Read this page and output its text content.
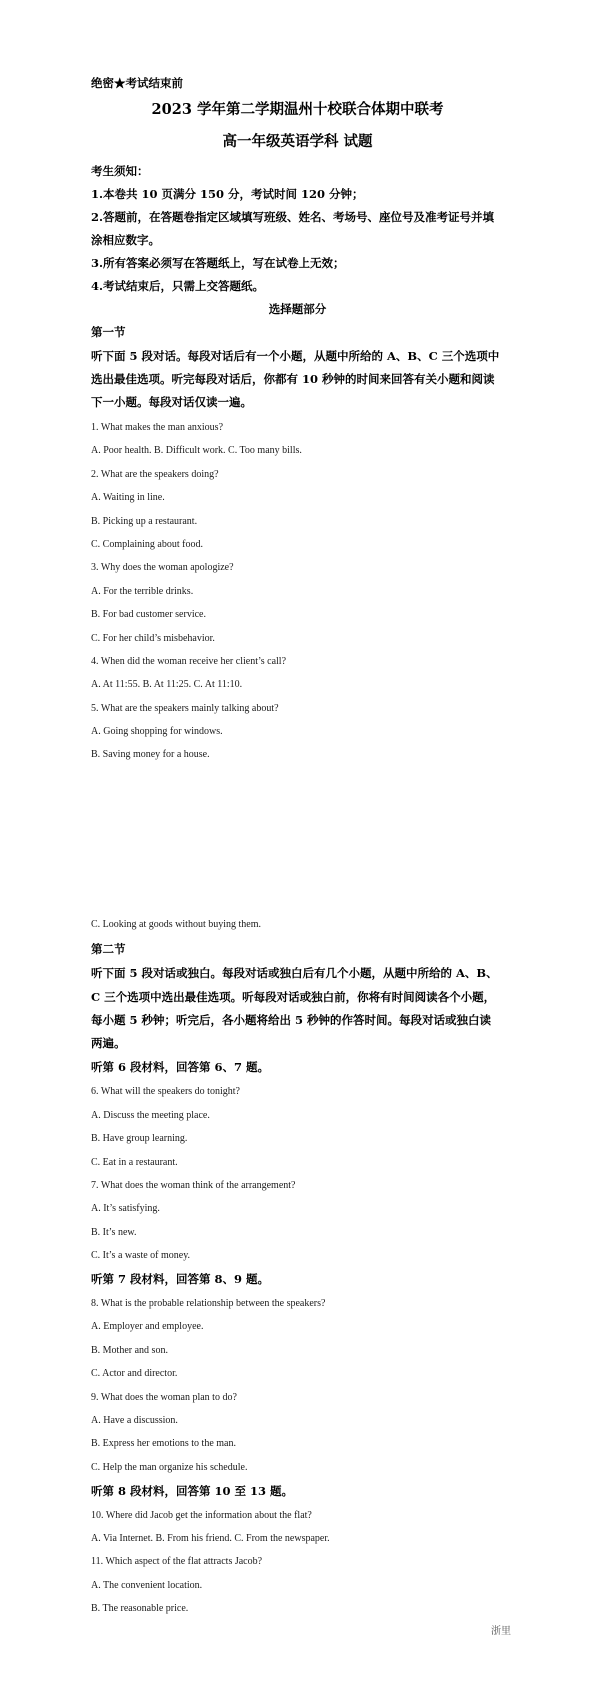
绝密★考试结束前
2023 学年第二学期温州十校联合体期中联考
高一年级英语学科 试题
考生须知：
1.本卷共 10 页满分 150 分，考试时间 120 分钟；
2.答题前，在答题卷指定区域填写班级、姓名、考场号、座位号及准考证号并填
涂相应数字。
3.所有答案必须写在答题纸上，写在试卷上无效；
4.考试结束后，只需上交答题纸。
选择题部分
第一节
听下面 5 段对话。每段对话后有一个小题，从题中所给的 A、B、C 三个选项中
选出最佳选项。听完每段对话后，你都有 10 秒钟的时间来回答有关小题和阅读
下一小题。每段对话仅读一遍。
1. What makes the man anxious?
A. Poor health. B. Difficult work. C. Too many bills.
2. What are the speakers doing?
A. Waiting in line.
B. Picking up a restaurant.
C. Complaining about food.
3. Why does the woman apologize?
A. For the terrible drinks.
B. For bad customer service.
C. For her child’s misbehavior.
4. When did the woman receive her client’s call?
A. At 11:55. B. At 11:25. C. At 11:10.
5. What are the speakers mainly talking about?
A. Going shopping for windows.
B. Saving money for a house.
C. Looking at goods without buying them.
第二节
听下面 5 段对话或独白。每段对话或独白后有几个小题，从题中所给的 A、B、
C 三个选项中选出最佳选项。听每段对话或独白前，你将有时间阅读各个小题，
每小题 5 秒钟；听完后，各小题将给出 5 秒钟的作答时间。每段对话或独白读
两遍。
听第 6 段材料，回答第 6、7 题。
6. What will the speakers do tonight?
A. Discuss the meeting place.
B. Have group learning.
C. Eat in a restaurant.
7. What does the woman think of the arrangement?
A. It’s satisfying.
B. It’s new.
C. It’s a waste of money.
听第 7 段材料，回答第 8、9 题。
8. What is the probable relationship between the speakers?
A. Employer and employee.
B. Mother and son.
C. Actor and director.
9. What does the woman plan to do?
A. Have a discussion.
B. Express her emotions to the man.
C. Help the man organize his schedule.
听第 8 段材料，回答第 10 至 13 题。
10. Where did Jacob get the information about the flat?
A. Via Internet. B. From his friend. C. From the newspaper.
11. Which aspect of the flat attracts Jacob?
A. The convenient location.
B. The reasonable price.
浙里
